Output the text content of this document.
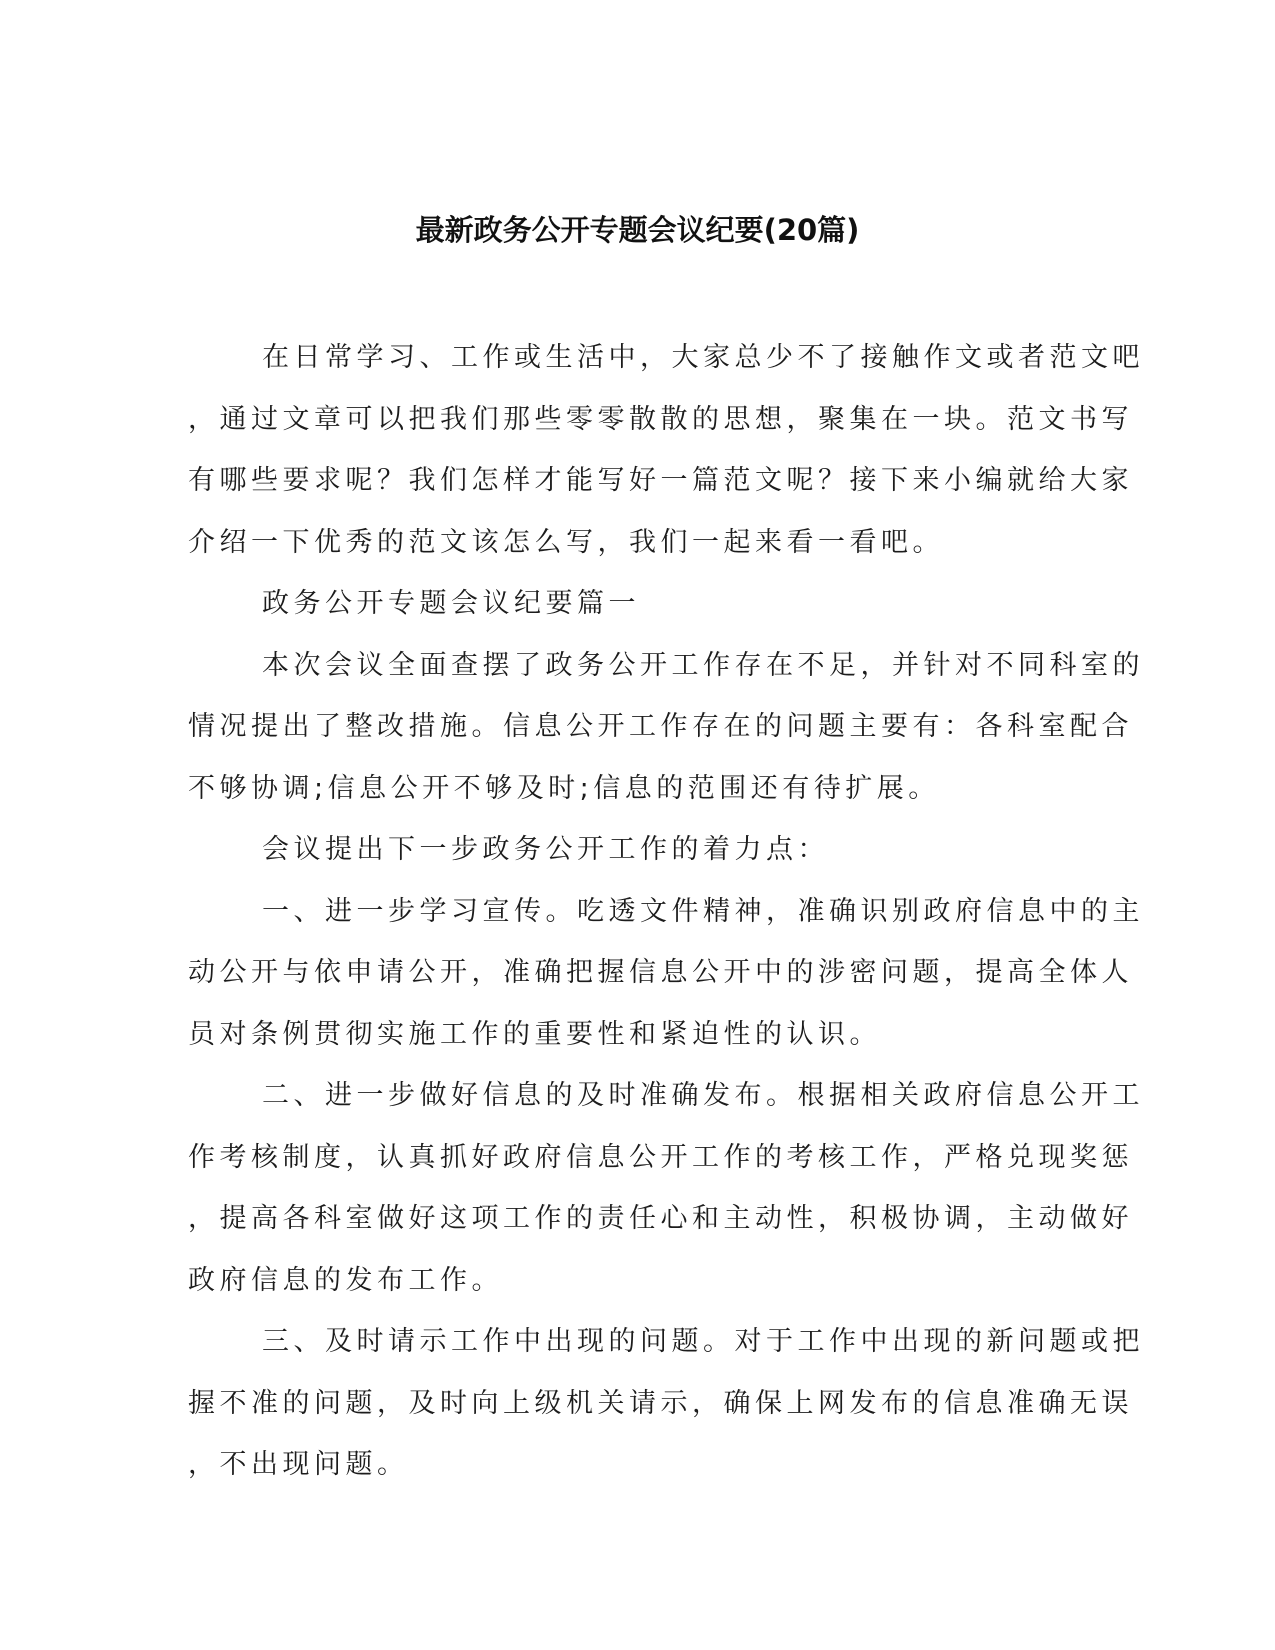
最新政务公开专题会议纪要(20篇)
在日常学习、工作或生活中，大家总少不了接触作文或者范文吧
，通过文章可以把我们那些零零散散的思想，聚集在一块。范文书写
有哪些要求呢？我们怎样才能写好一篇范文呢？接下来小编就给大家
介绍一下优秀的范文该怎么写，我们一起来看一看吧。
政务公开专题会议纪要篇一
本次会议全面查摆了政务公开工作存在不足，并针对不同科室的
情况提出了整改措施。信息公开工作存在的问题主要有：各科室配合
不够协调;信息公开不够及时;信息的范围还有待扩展。
会议提出下一步政务公开工作的着力点：
一、进一步学习宣传。吃透文件精神，准确识别政府信息中的主
动公开与依申请公开，准确把握信息公开中的涉密问题，提高全体人
员对条例贯彻实施工作的重要性和紧迫性的认识。
二、进一步做好信息的及时准确发布。根据相关政府信息公开工
作考核制度，认真抓好政府信息公开工作的考核工作，严格兑现奖惩
，提高各科室做好这项工作的责任心和主动性，积极协调，主动做好
政府信息的发布工作。
三、及时请示工作中出现的问题。对于工作中出现的新问题或把
握不准的问题，及时向上级机关请示，确保上网发布的信息准确无误
，不出现问题。
